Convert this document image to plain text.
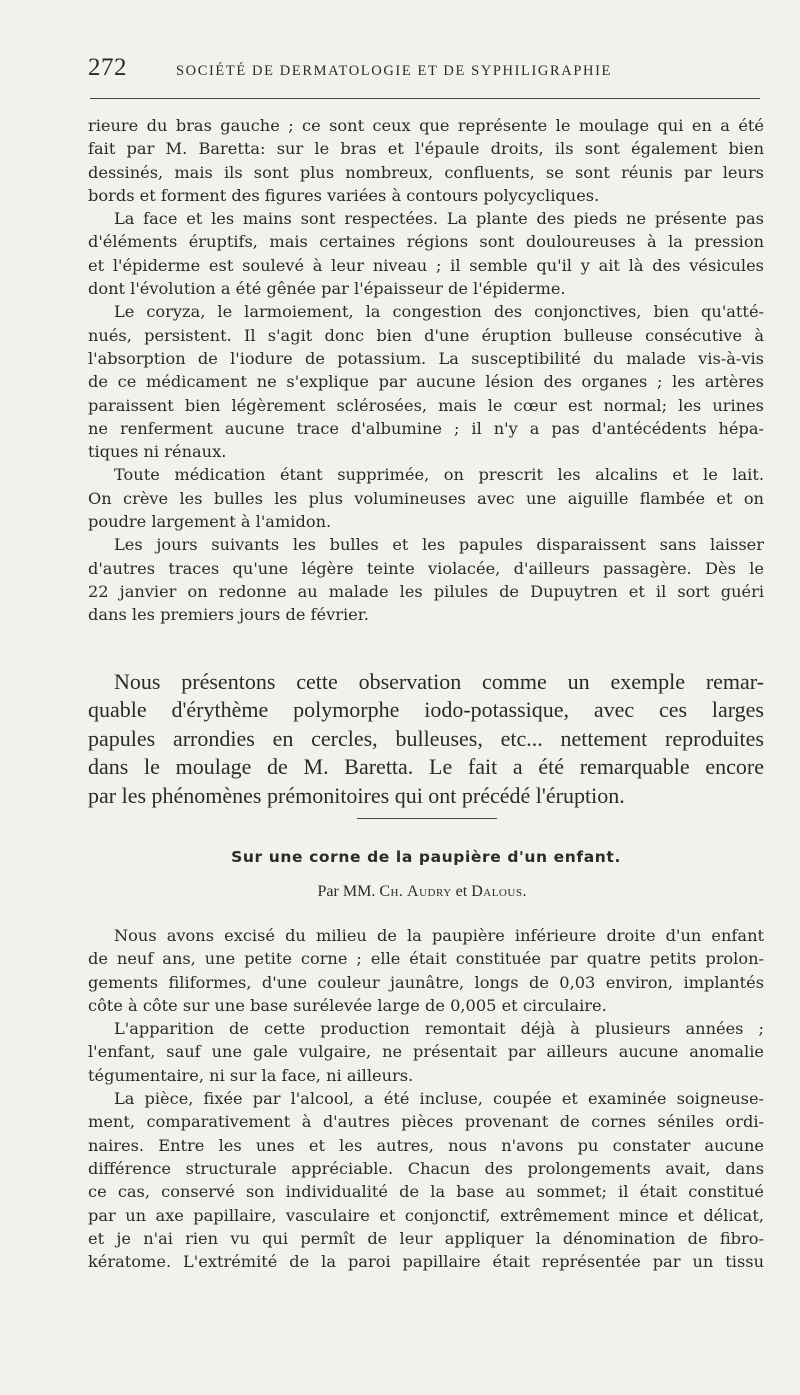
272	SOCIÉTÉ DE DERMATOLOGIE ET DE SYPHILIGRAPHIE
rieure du bras gauche ; ce sont ceux que représente le moulage qui en a été
fait par M. Baretta: sur le bras et l'épaule droits, ils sont également bien
dessinés, mais ils sont plus nombreux, confluents, se sont réunis par leurs
bords et forment des figures variées à contours polycycliques.
La face et les mains sont respectées. La plante des pieds ne présente pas
d'éléments éruptifs, mais certaines régions sont douloureuses à la pression
et l'épiderme est soulevé à leur niveau ; il semble qu'il y ait là des vésicules
dont l'évolution a été gênée par l'épaisseur de l'épiderme.
Le coryza, le larmoiement, la congestion des conjonctives, bien qu'atté-
nués, persistent. Il s'agit donc bien d'une éruption bulleuse consécutive à
l'absorption de l'iodure de potassium. La susceptibilité du malade vis-à-vis
de ce médicament ne s'explique par aucune lésion des organes ; les artères
paraissent bien légèrement sclérosées, mais le cœur est normal; les urines
ne renferment aucune trace d'albumine ; il n'y a pas d'antécédents hépa-
tiques ni rénaux.
Toute médication étant supprimée, on prescrit les alcalins et le lait.
On crève les bulles les plus volumineuses avec une aiguille flambée et on
poudre largement à l'amidon.
Les jours suivants les bulles et les papules disparaissent sans laisser
d'autres traces qu'une légère teinte violacée, d'ailleurs passagère. Dès le
22 janvier on redonne au malade les pilules de Dupuytren et il sort guéri
dans les premiers jours de février.
Nous présentons cette observation comme un exemple remar-
quable d'érythème polymorphe iodo-potassique, avec ces larges
papules arrondies en cercles, bulleuses, etc... nettement reproduites
dans le moulage de M. Baretta. Le fait a été remarquable encore
par les phénomènes prémonitoires qui ont précédé l'éruption.
Sur une corne de la paupière d'un enfant.
Par MM. Ch. Audry et Dalous.
Nous avons excisé du milieu de la paupière inférieure droite d'un enfant
de neuf ans, une petite corne ; elle était constituée par quatre petits prolon-
gements filiformes, d'une couleur jaunâtre, longs de 0,03 environ, implantés
côte à côte sur une base surélevée large de 0,005 et circulaire.
L'apparition de cette production remontait déjà à plusieurs années ;
l'enfant, sauf une gale vulgaire, ne présentait par ailleurs aucune anomalie
tégumentaire, ni sur la face, ni ailleurs.
La pièce, fixée par l'alcool, a été incluse, coupée et examinée soigneuse-
ment, comparativement à d'autres pièces provenant de cornes séniles ordi-
naires. Entre les unes et les autres, nous n'avons pu constater aucune
différence structurale appréciable. Chacun des prolongements avait, dans
ce cas, conservé son individualité de la base au sommet; il était constitué
par un axe papillaire, vasculaire et conjonctif, extrêmement mince et délicat,
et je n'ai rien vu qui permît de leur appliquer la dénomination de fibro-
kératome. L'extrémité de la paroi papillaire était représentée par un tissu
